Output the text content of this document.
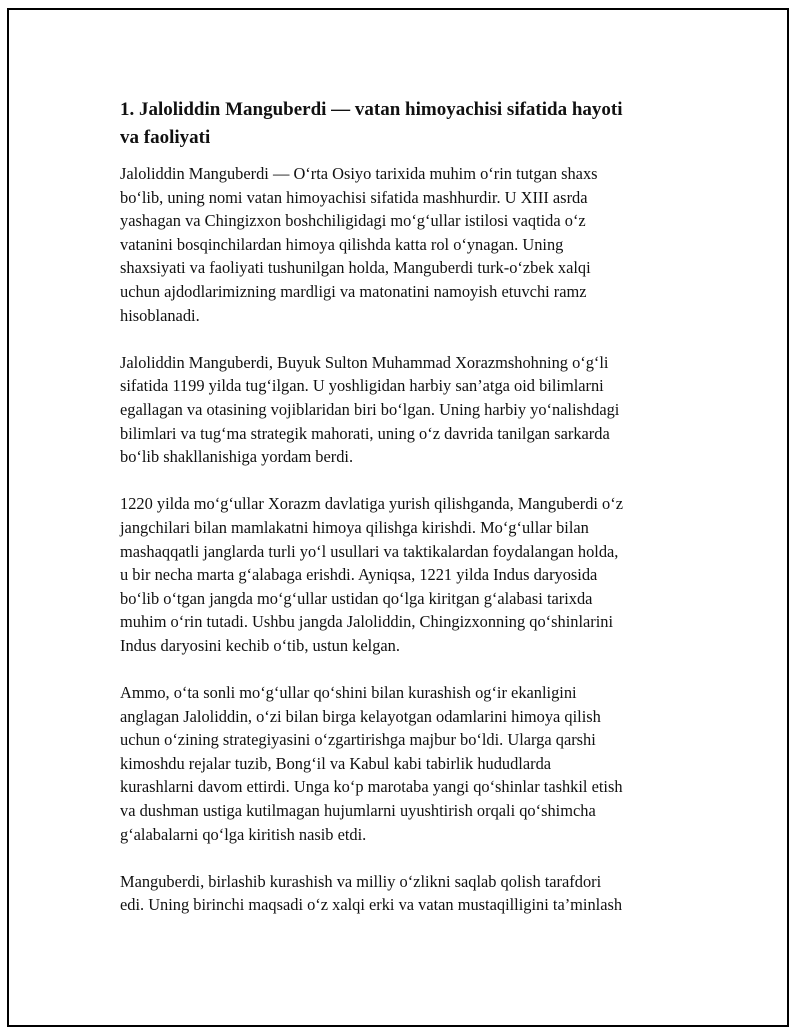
1. Jaloliddin Manguberdi — vatan himoyachisi sifatida hayoti
va faoliyati

Jaloliddin Manguberdi — O‘rta Osiyo tarixida muhim o‘rin tutgan shaxs
bo‘lib, uning nomi vatan himoyachisi sifatida mashhurdir. U XIII asrda
yashagan va Chingizxon boshchiligidagi mo‘g‘ullar istilosi vaqtida o‘z
vatanini bosqinchilardan himoya qilishda katta rol o‘ynagan. Uning
shaxsiyati va faoliyati tushunilgan holda, Manguberdi turk-o‘zbek xalqi
uchun ajdodlarimizning mardligi va matonatini namoyish etuvchi ramz
hisoblanadi.

Jaloliddin Manguberdi, Buyuk Sulton Muhammad Xorazmshohning o‘g‘li
sifatida 1199 yilda tug‘ilgan. U yoshligidan harbiy san’atga oid bilimlarni
egallagan va otasining vojiblaridan biri bo‘lgan. Uning harbiy yo‘nalishdagi
bilimlari va tug‘ma strategik mahorati, uning o‘z davrida tanilgan sarkarda
bo‘lib shakllanishiga yordam berdi.

1220 yilda mo‘g‘ullar Xorazm davlatiga yurish qilishganda, Manguberdi o‘z
jangchilari bilan mamlakatni himoya qilishga kirishdi. Mo‘g‘ullar bilan
mashaqqatli janglarda turli yo‘l usullari va taktikalardan foydalangan holda,
u bir necha marta g‘alabaga erishdi. Ayniqsa, 1221 yilda Indus daryosida
bo‘lib o‘tgan jangda mo‘g‘ullar ustidan qo‘lga kiritgan g‘alabasi tarixda
muhim o‘rin tutadi. Ushbu jangda Jaloliddin, Chingizxonning qo‘shinlarini
Indus daryosini kechib o‘tib, ustun kelgan.

Ammo, o‘ta sonli mo‘g‘ullar qo‘shini bilan kurashish og‘ir ekanligini
anglagan Jaloliddin, o‘zi bilan birga kelayotgan odamlarini himoya qilish
uchun o‘zining strategiyasini o‘zgartirishga majbur bo‘ldi. Ularga qarshi
kimoshdu rejalar tuzib, Bong‘il va Kabul kabi tabirlik hududlarda
kurashlarni davom ettirdi. Unga ko‘p marotaba yangi qo‘shinlar tashkil etish
va dushman ustiga kutilmagan hujumlarni uyushtirish orqali qo‘shimcha
g‘alabalarni qo‘lga kiritish nasib etdi.

Manguberdi, birlashib kurashish va milliy o‘zlikni saqlab qolish tarafdori
edi. Uning birinchi maqsadi o‘z xalqi erki va vatan mustaqilligini ta’minlash
